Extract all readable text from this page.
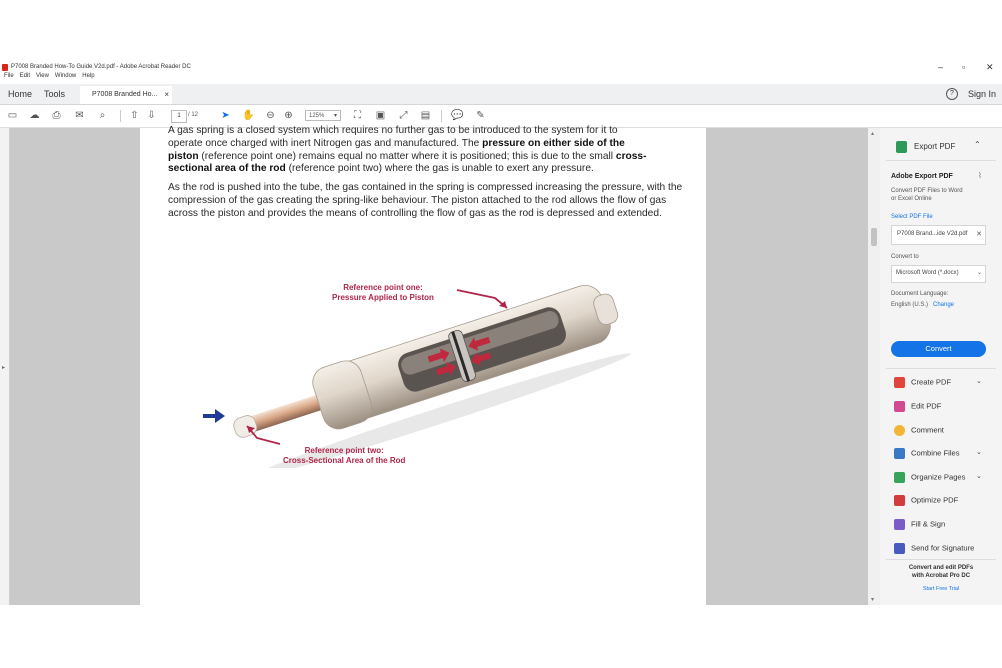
P7008 Branded How-To Guide V2d.pdf - Adobe Acrobat Reader DC	– ▫ ✕
File Edit View Window Help
Home Tools	P7008 Branded Ho... ×	?	Sign In
▭ ☁ ⎙ ✉	⌕	⇧ ⇩	1	/ 12 ➤ ✋ ⊖ ⊕	125% ▾	⛶	▣ ⤢ ▤ 💬 ✎
▸
A gas spring is a closed system which requires no further gas to be introduced to the system for it to
operate once charged with inert Nitrogen gas and manufactured. The pressure on either side of the
piston (reference point one) remains equal no matter where it is positioned; this is due to the small cross-
sectional area of the rod (reference point two) where the gas is unable to exert any pressure.
As the rod is pushed into the tube, the gas contained in the spring is compressed increasing the pressure, with the compression of the gas creating the spring-like behaviour. The piston attached to the rod allows the flow of gas across the piston and provides the means of controlling the flow of gas as the rod is depressed and extended.
Reference point one:
Pressure Applied to Piston
Reference point two:
Cross-Sectional Area of the Rod
▴
▾
Export PDF ⌃
Adobe Export PDF	⌇
Convert PDF Files to Word
or Excel Online
Select PDF File
P7008 Brand...ide V2d.pdf ✕
Convert to
Microsoft Word (*.docx)	⌄
Document Language:
English (U.S.) Change
Convert
Create PDF	⌄
Edit PDF
Comment
Combine Files ⌄
Organize Pages ⌄
Optimize PDF
Fill & Sign
Send for Signature
Convert and edit PDFs
with Acrobat Pro DC
Start Free Trial
